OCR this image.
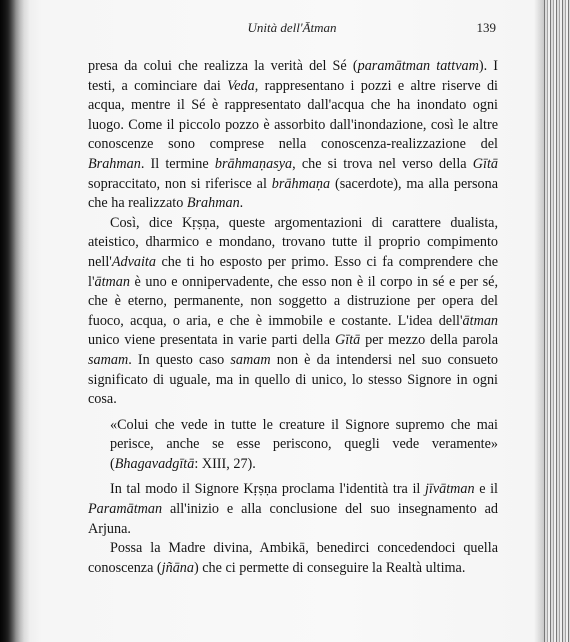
Unità dell'Ātman	139

presa da colui che realizza la verità del Sé (paramātman tattvam). I testi, a cominciare dai Veda, rappresentano i pozzi e altre riserve di acqua, mentre il Sé è rappresentato dall'acqua che ha inondato ogni luogo. Come il piccolo pozzo è assorbito dall'inondazione, così le altre conoscenze sono comprese nella conoscenza-realizzazione del Brahman. Il termine brāhmaṇasya, che si trova nel verso della Gītā sopraccitato, non si riferisce al brāhmaṇa (sacerdote), ma alla persona che ha realizzato Brahman.

Così, dice Kṛṣṇa, queste argomentazioni di carattere dualista, ateistico, dharmico e mondano, trovano tutte il proprio compimento nell'Advaita che ti ho esposto per primo. Esso ci fa comprendere che l'ātman è uno e onnipervadente, che esso non è il corpo in sé e per sé, che è eterno, permanente, non soggetto a distruzione per opera del fuoco, acqua, o aria, e che è immobile e costante. L'idea dell'ātman unico viene presentata in varie parti della Gītā per mezzo della parola samam. In questo caso samam non è da intendersi nel suo consueto significato di uguale, ma in quello di unico, lo stesso Signore in ogni cosa.

«Colui che vede in tutte le creature il Signore supremo che mai perisce, anche se esse periscono, quegli vede veramente» (Bhagavadgītā: XIII, 27).

In tal modo il Signore Kṛṣṇa proclama l'identità tra il jīvātman e il Paramātman all'inizio e alla conclusione del suo insegnamento ad Arjuna.

Possa la Madre divina, Ambikā, benedirci concedendoci quella conoscenza (jñāna) che ci permette di conseguire la Realtà ultima.
